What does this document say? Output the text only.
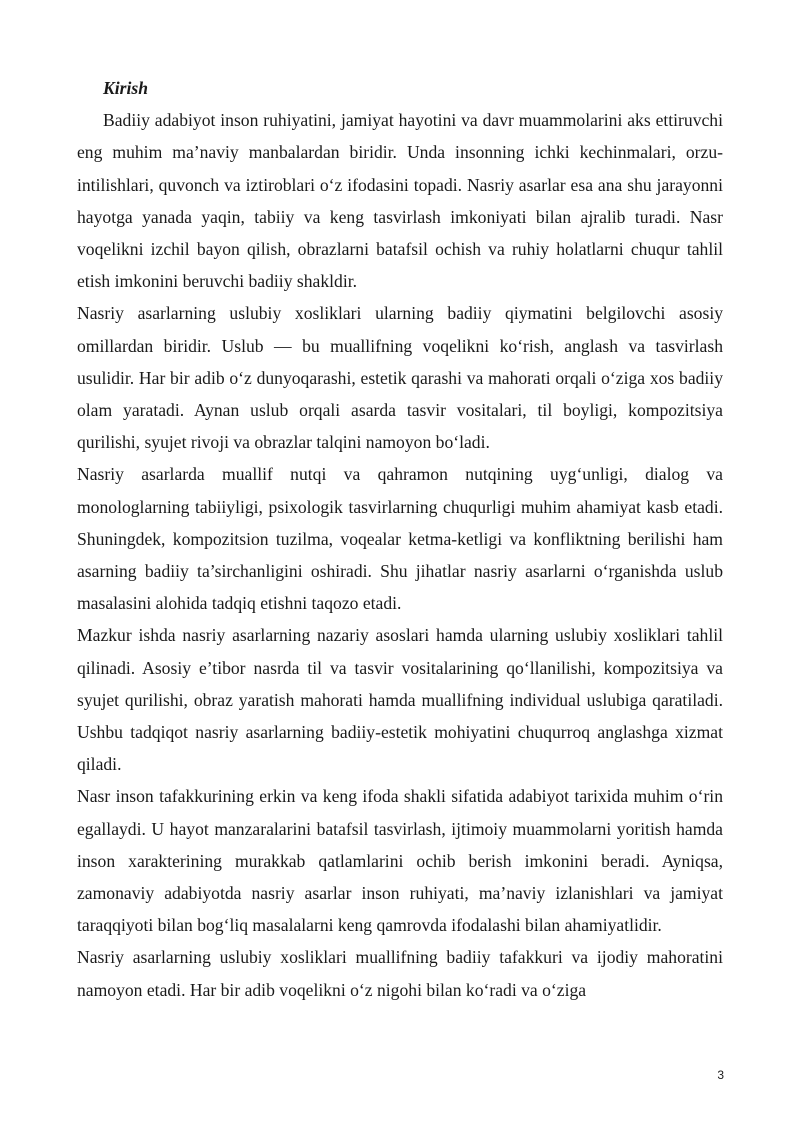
Kirish

Badiiy adabiyot inson ruhiyatini, jamiyat hayotini va davr muammolarini aks ettiruvchi eng muhim ma’naviy manbalardan biridir. Unda insonning ichki kechinmalari, orzu-intilishlari, quvonch va iztiroblari o‘z ifodasini topadi. Nasriy asarlar esa ana shu jarayonni hayotga yanada yaqin, tabiiy va keng tasvirlash imkoniyati bilan ajralib turadi. Nasr voqelikni izchil bayon qilish, obrazlarni batafsil ochish va ruhiy holatlarni chuqur tahlil etish imkonini beruvchi badiiy shakldir.

Nasriy asarlarning uslubiy xosliklari ularning badiiy qiymatini belgilovchi asosiy omillardan biridir. Uslub — bu muallifning voqelikni ko‘rish, anglash va tasvirlash usulidir. Har bir adib o‘z dunyoqarashi, estetik qarashi va mahorati orqali o‘ziga xos badiiy olam yaratadi. Aynan uslub orqali asarda tasvir vositalari, til boyligi, kompozitsiya qurilishi, syujet rivoji va obrazlar talqini namoyon bo‘ladi.

Nasriy asarlarda muallif nutqi va qahramon nutqining uyg‘unligi, dialog va monologlarning tabiiyligi, psixologik tasvirlarning chuqurligi muhim ahamiyat kasb etadi. Shuningdek, kompozitsion tuzilma, voqealar ketma-ketligi va konfliktning berilishi ham asarning badiiy ta’sirchanligini oshiradi. Shu jihatlar nasriy asarlarni o‘rganishda uslub masalasini alohida tadqiq etishni taqozo etadi.

Mazkur ishda nasriy asarlarning nazariy asoslari hamda ularning uslubiy xosliklari tahlil qilinadi. Asosiy e’tibor nasrda til va tasvir vositalarining qo‘llanilishi, kompozitsiya va syujet qurilishi, obraz yaratish mahorati hamda muallifning individual uslubiga qaratiladi. Ushbu tadqiqot nasriy asarlarning badiiy-estetik mohiyatini chuqurroq anglashga xizmat qiladi.

Nasr inson tafakkurining erkin va keng ifoda shakli sifatida adabiyot tarixida muhim o‘rin egallaydi. U hayot manzaralarini batafsil tasvirlash, ijtimoiy muammolarni yoritish hamda inson xarakterining murakkab qatlamlarini ochib berish imkonini beradi. Ayniqsa, zamonaviy adabiyotda nasriy asarlar inson ruhiyati, ma’naviy izlanishlari va jamiyat taraqqiyoti bilan bog‘liq masalalarni keng qamrovda ifodalashi bilan ahamiyatlidir.

Nasriy asarlarning uslubiy xosliklari muallifning badiiy tafakkuri va ijodiy mahoratini namoyon etadi. Har bir adib voqelikni o‘z nigohi bilan ko‘radi va o‘ziga

3
